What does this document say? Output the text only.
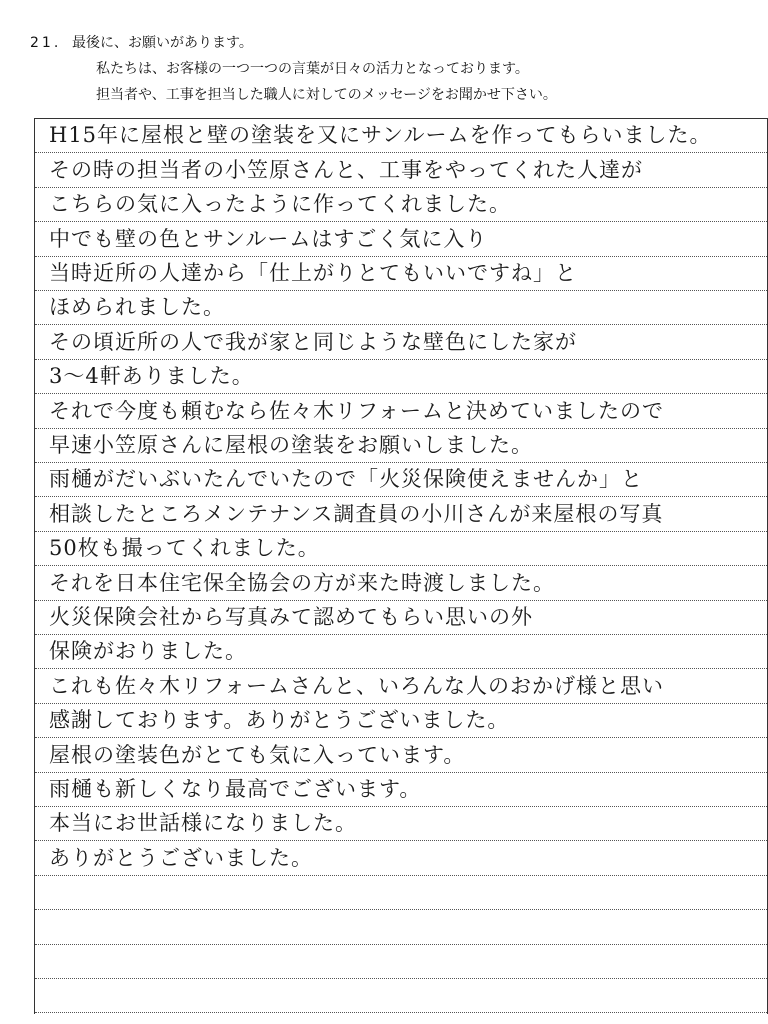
21. 最後に、お願いがあります。
私たちは、お客様の一つ一つの言葉が日々の活力となっております。
担当者や、工事を担当した職人に対してのメッセージをお聞かせ下さい。
H15年に屋根と壁の塗装を又にサンルームを作ってもらいました。
その時の担当者の小笠原さんと、工事をやってくれた人達が
こちらの気に入ったように作ってくれました。
中でも壁の色とサンルームはすごく気に入り
当時近所の人達から「仕上がりとてもいいですね」と
ほめられました。
その頃近所の人で我が家と同じような壁色にした家が
3〜4軒ありました。
それで今度も頼むなら佐々木リフォームと決めていましたので
早速小笠原さんに屋根の塗装をお願いしました。
雨樋がだいぶいたんでいたので「火災保険使えませんか」と
相談したところメンテナンス調査員の小川さんが来屋根の写真
50枚も撮ってくれました。
それを日本住宅保全協会の方が来た時渡しました。
火災保険会社から写真みて認めてもらい思いの外
保険がおりました。
これも佐々木リフォームさんと、いろんな人のおかげ様と思い
感謝しております。ありがとうございました。
屋根の塗装色がとても気に入っています。
雨樋も新しくなり最高でございます。
本当にお世話様になりました。
ありがとうございました。
